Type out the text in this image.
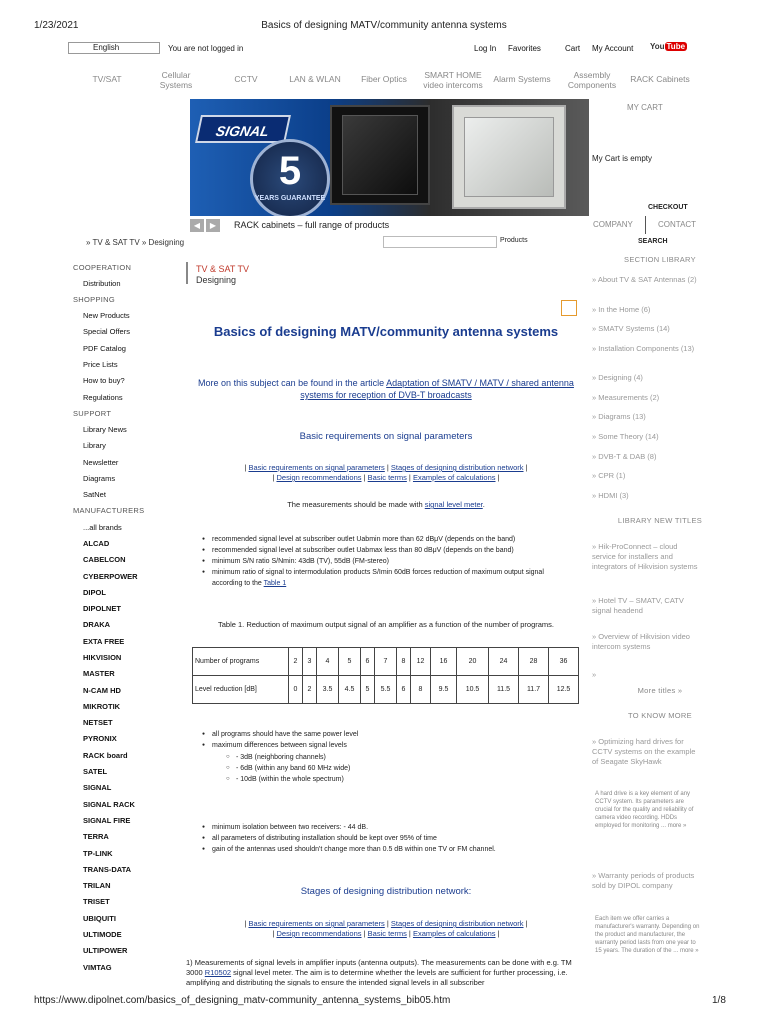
1/23/2021	Basics of designing MATV/community antenna systems
https://www.dipolnet.com/basics_of_designing_matv-community_antenna_systems_bib05.htm	1/8
English	You are not logged in	Log In Favorites	Cart My Account You Tube
TV/SAT	Cellular Systems
CCTV	LAN & WLAN	Fiber Optics	SMART HOME video intercoms
Alarm Systems	Assembly Components
RACK Cabinets
SIGNAL
5
YEARS GUARANTEE
◀	▶	RACK cabinets – full range of products
MY CART
My Cart is empty
CHECKOUT
COMPANY	CONTACT
» TV & SAT TV » Designing	Products	SEARCH
COOPERATION
Distribution
SHOPPING
New Products
Special Offers
PDF Catalog
Price Lists
How to buy?
Regulations
SUPPORT
Library News
Library
Newsletter
Diagrams
SatNet
MANUFACTURERS
...all brands
ALCAD
CABELCON
CYBERPOWER
DIPOL
DIPOLNET
DRAKA
EXTA FREE
HIKVISION
MASTER
N-CAM HD
MIKROTIK
NETSET
PYRONIX
RACK board
SATEL
SIGNAL
SIGNAL RACK
SIGNAL FIRE
TERRA
TP-LINK
TRANS-DATA
TRILAN
TRISET
UBIQUITI
ULTIMODE
ULTIPOWER
VIMTAG
TV & SAT TV
Designing
Basics of designing MATV/community antenna systems
More on this subject can be found in the article Adaptation of SMATV / MATV / shared antenna systems for reception of DVB-T broadcasts
Basic requirements on signal parameters
| Basic requirements on signal parameters | Stages of designing distribution network |
| Design recommendations | Basic terms | Examples of calculations |
The measurements should be made with signal level meter.
● recommended signal level at subscriber outlet Uabmin more than 62 dBμV (depends on the band)
● recommended signal level at subscriber outlet Uabmax less than 80 dBμV (depends on the band)
● minimum S/N ratio S/Nmin: 43dB (TV), 55dB (FM-stereo)
● minimum ratio of signal to intermodulation products S/Imin 60dB forces reduction of maximum output signal according to the Table 1
Table 1. Reduction of maximum output signal of an amplifier as a function of the number of programs.
Number of programs	2	3	4	5	6	7	8	12	16	20	24	28	36
Level reduction [dB]	0	2	3.5	4.5	5	5.5	6	8	9.5	10.5	11.5	11.7	12.5
● all programs should have the same power level
● maximum differences between signal levels
○ - 3dB (neighboring channels)
○ - 6dB (within any band 60 MHz wide)
○ - 10dB (within the whole spectrum)
● minimum isolation between two receivers: - 44 dB.
● all parameters of distributing installation should be kept over 95% of time
● gain of the antennas used shouldn't change more than 0.5 dB within one TV or FM channel.
Stages of designing distribution network:
| Basic requirements on signal parameters | Stages of designing distribution network |
| Design recommendations | Basic terms | Examples of calculations |
1) Measurements of signal levels in amplifier inputs (antenna outputs). The measurements can be done with e.g. TM 3000 R10502 signal level meter. The aim is to determine whether the levels are sufficient for further processing, i.e. amplifying and distributing the signals to ensure the intended signal levels in all subscriber
SECTION LIBRARY
» About TV & SAT Antennas (2)
» In the Home (6)
» SMATV Systems (14)
» Installation Components (13)
» Designing (4)
» Measurements (2)
» Diagrams (13)
» Some Theory (14)
» DVB-T & DAB (8)
» CPR (1)
» HDMI (3)
LIBRARY NEW TITLES
» Hik-ProConnect – cloud service for installers and integrators of Hikvision systems
» Hotel TV – SMATV, CATV signal headend
» Overview of Hikvision video intercom systems
»
More titles »
TO KNOW MORE
» Optimizing hard drives for CCTV systems on the example of Seagate SkyHawk
A hard drive is a key element of any CCTV system. Its parameters are crucial for the quality and reliability of camera video recording. HDDs employed for monitoring ... more »
» Warranty periods of products sold by DIPOL company
Each item we offer carries a manufacturer's warranty. Depending on the product and manufacturer, the warranty period lasts from one year to 15 years. The duration of the ... more »
